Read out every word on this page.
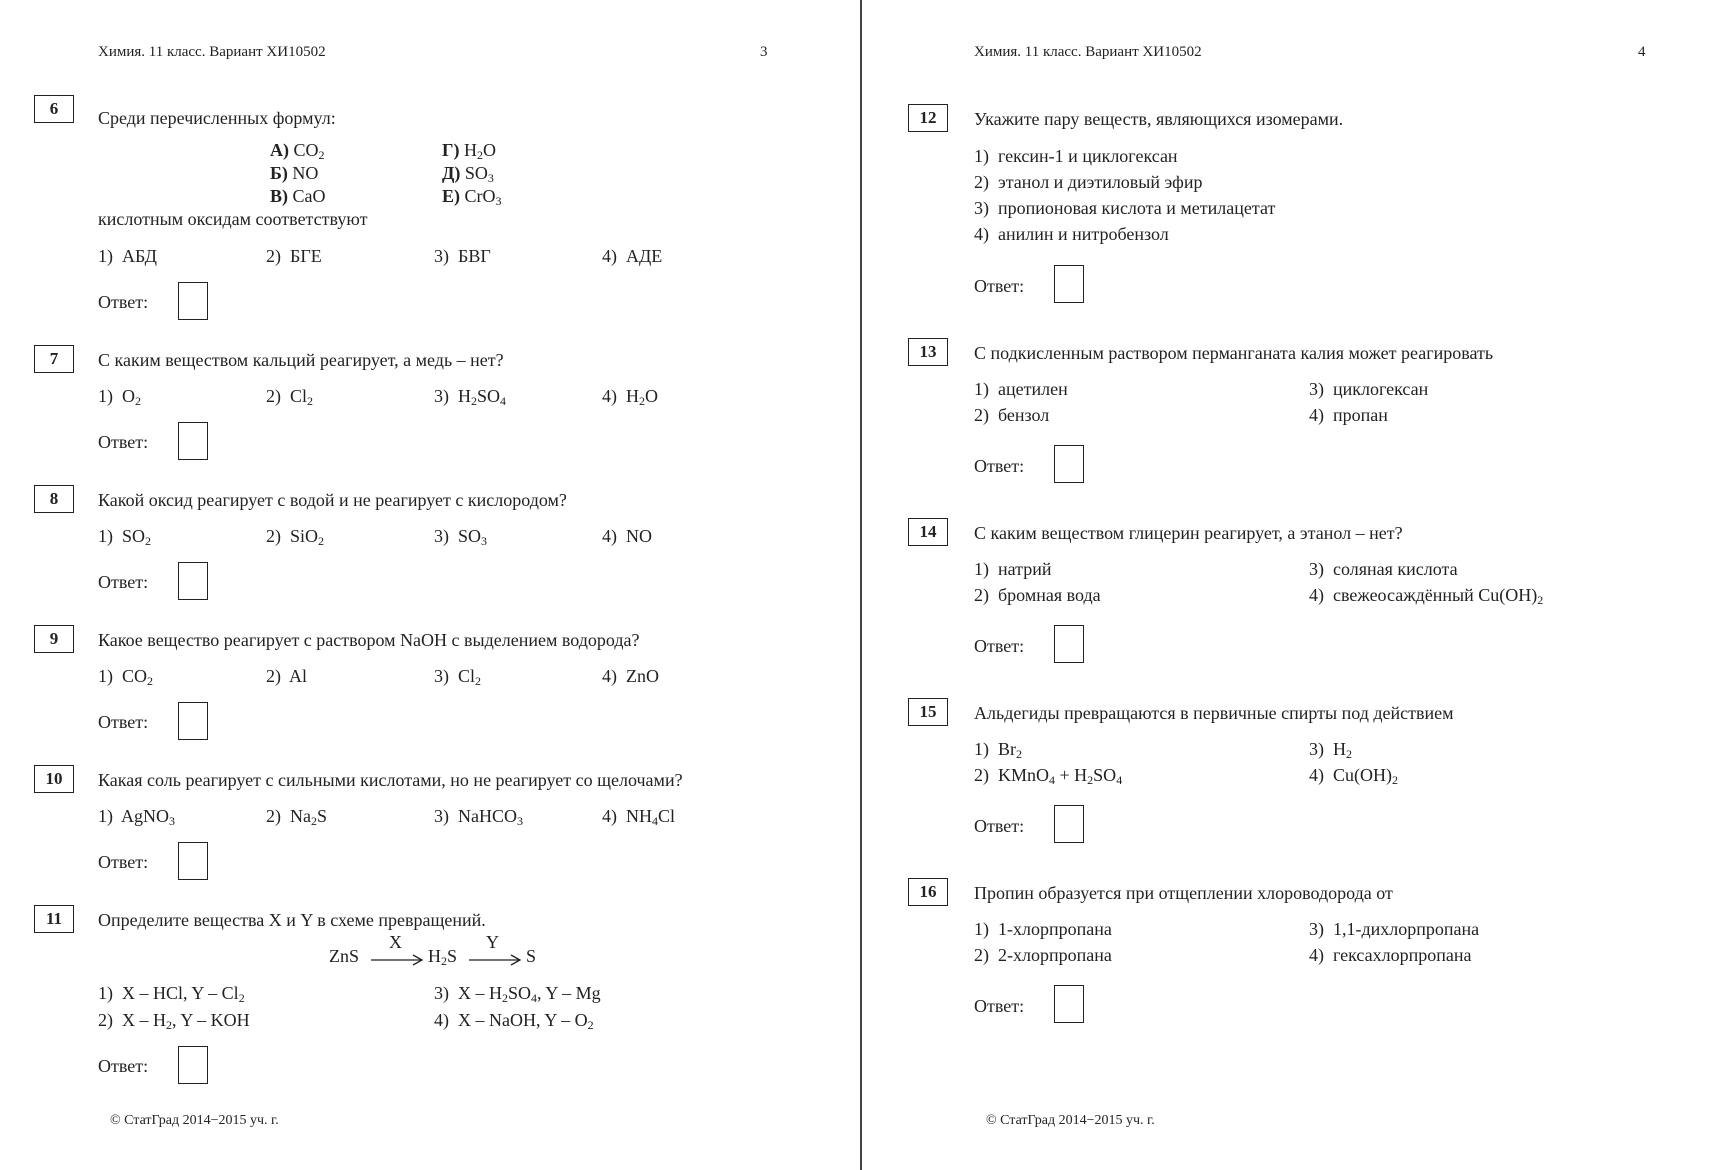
Химия. 11 класс. Вариант ХИ10502	3
6	Среди перечисленных формул:
А) $CO_2$	Г) $H_2O$
Б) NO	Д) $SO_3$
В) CaO	Е) CrO$_3$
кислотным оксидам соответствуют
1) АБД	2) БГЕ	3) БВГ	4) АДЕ
Ответ:
7	С каким веществом кальций реагирует, а медь – нет?
1) $O_2$	2) $Cl_2$	3) $H_2SO_4$	4) $H_2O$
Ответ:
8	Какой оксид реагирует с водой и не реагирует с кислородом?
1) $SO_2$	2) SiO$_2$	3) $SO_3$	4) NO
Ответ:
9	Какое вещество реагирует с раствором NaOH с выделением водорода?
1) $CO_2$	2) Al	3) $Cl_2$	4) ZnO
Ответ:
10	Какая соль реагирует с сильными кислотами, но не реагирует со щелочами?
1) AgNO$_3$	2) $Na_2S$	3) NaHCO$_3$	4) $NH_4Cl$
Ответ:
11	Определите вещества X и Y в схеме превращений.
ZnS
X
$H_2S$
Y
S
1) X – HCl, Y – $Cl_2$	3) X – $H_2SO_4$, Y – Mg
2) X – $H_2$, Y – KOH	4) X – NaOH, Y – $O_2$
Ответ:
© СтатГрад 2014−2015 уч. г.
Химия. 11 класс. Вариант ХИ10502	4
12	Укажите пару веществ, являющихся изомерами.
1) гексин-1 и циклогексан
2) этанол и диэтиловый эфир
3) пропионовая кислота и метилацетат
4) анилин и нитробензол
Ответ:
13	С подкисленным раствором перманганата калия может реагировать
1) ацетилен	3) циклогексан
2) бензол	4) пропан
Ответ:
14	С каким веществом глицерин реагирует, а этанол – нет?
1) натрий	3) соляная кислота
2) бромная вода	4) свежеосаждённый $Cu(OH)_2$
Ответ:
15	Альдегиды превращаются в первичные спирты под действием
1) $Br_2$	3) $H_2$
2) KMnO$_4$ + $H_2SO_4$	4) $Cu(OH)_2$
Ответ:
16	Пропин образуется при отщеплении хлороводорода от
1) 1-хлорпропана	3) 1,1-дихлорпропана
2) 2-хлорпропана	4) гексахлорпропана
Ответ:
© СтатГрад 2014−2015 уч. г.
